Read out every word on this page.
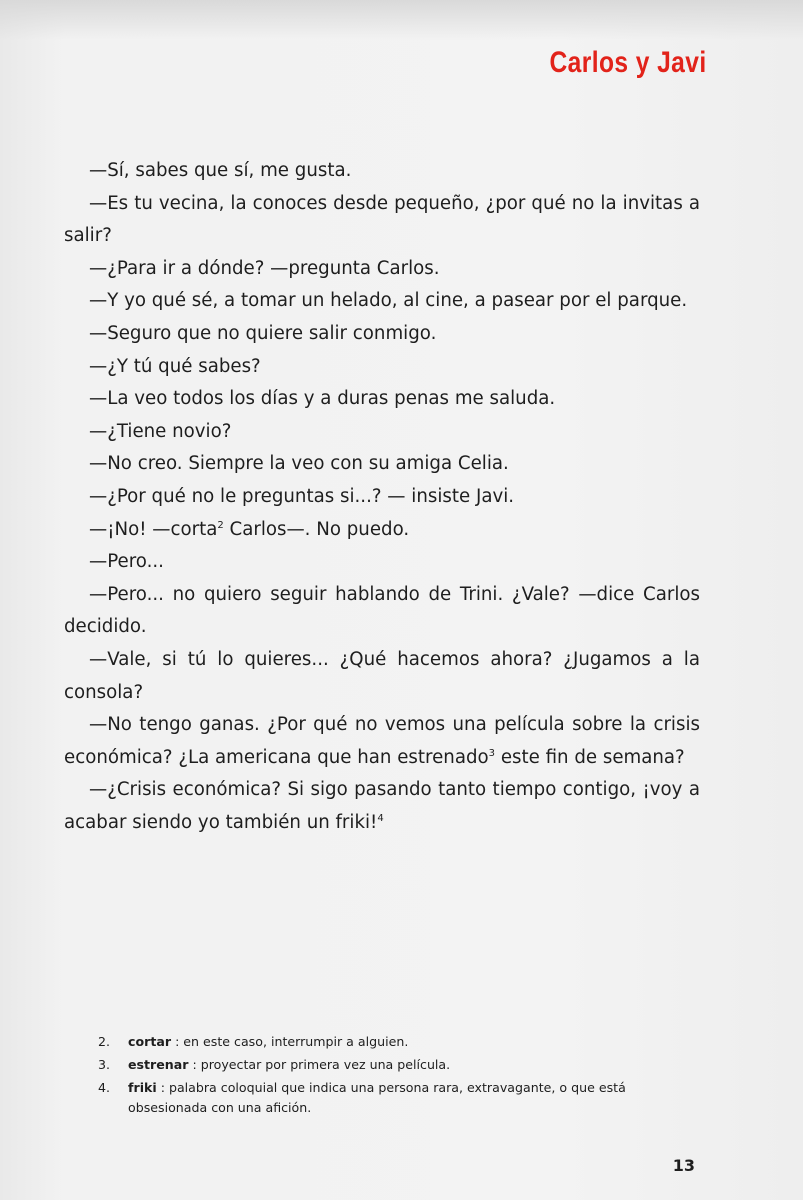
Carlos y Javi

—Sí, sabes que sí, me gusta.

—Es tu vecina, la conoces desde pequeño, ¿por qué no la invitas a salir?

—¿Para ir a dónde? —pregunta Carlos.

—Y yo qué sé, a tomar un helado, al cine, a pasear por el parque.

—Seguro que no quiere salir conmigo.

—¿Y tú qué sabes?

—La veo todos los días y a duras penas me saluda.

—¿Tiene novio?

—No creo. Siempre la veo con su amiga Celia.

—¿Por qué no le preguntas si...? — insiste Javi.

—¡No! —corta$^2$ Carlos—. No puedo.

—Pero...

—Pero... no quiero seguir hablando de Trini. ¿Vale? —dice Carlos decidido.

—Vale, si tú lo quieres... ¿Qué hacemos ahora? ¿Jugamos a la consola?

—No tengo ganas. ¿Por qué no vemos una película sobre la crisis económica? ¿La americana que han estrenado$^3$ este fin de semana?

—¿Crisis económica? Si sigo pasando tanto tiempo contigo, ¡voy a acabar siendo yo también un friki!$^4$

2.	cortar : en este caso, interrumpir a alguien.
3.	estrenar : proyectar por primera vez una película.
4.	friki : palabra coloquial que indica una persona rara, extravagante, o que está obsesionada con una afición.
13
